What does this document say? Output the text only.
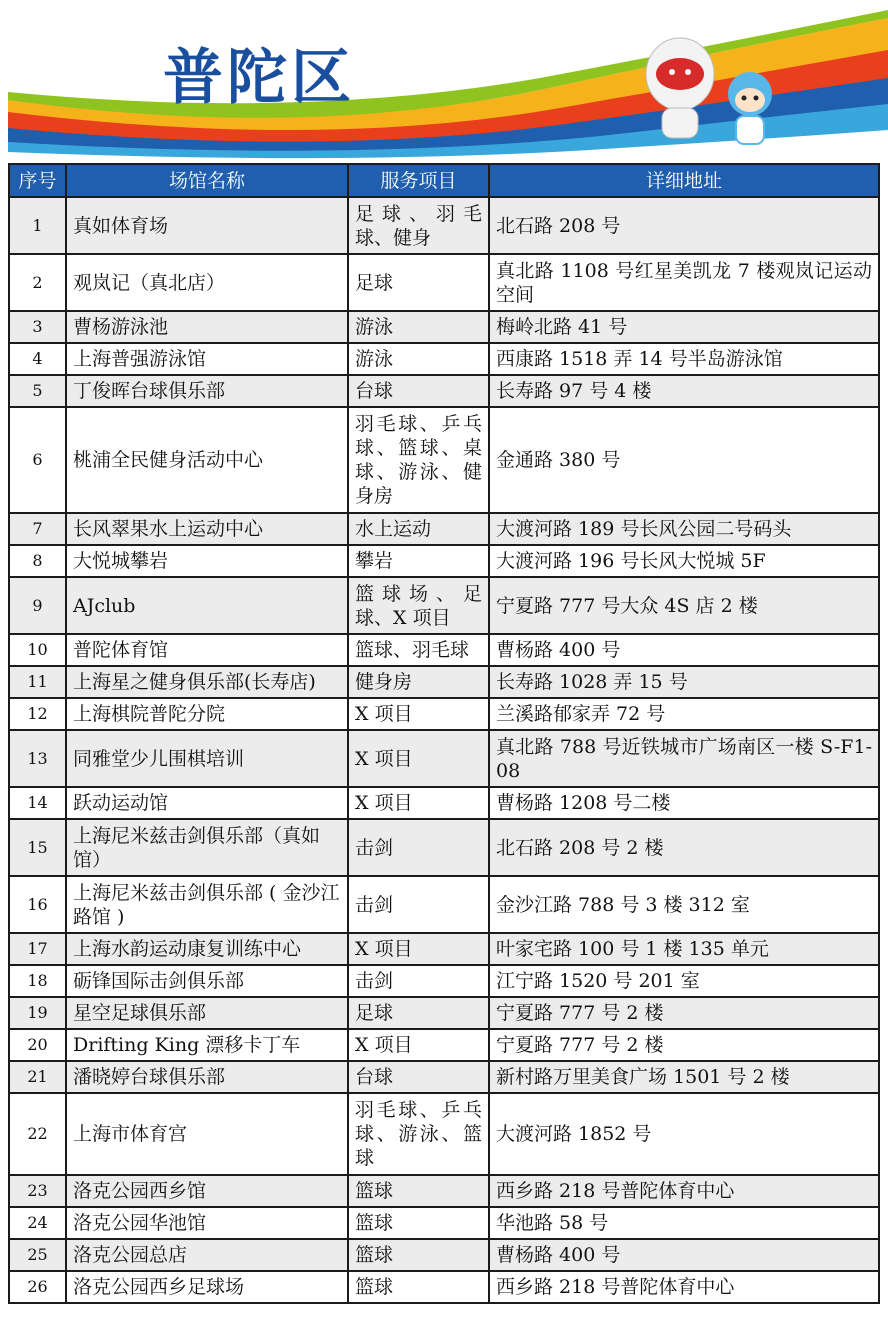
普陀区
序号	场馆名称	服务项目	详细地址
1	真如体育场	足球、羽毛球、健身	北石路 208 号
2	观岚记（真北店）	足球	真北路 1108 号红星美凯龙 7 楼观岚记运动空间
3	曹杨游泳池	游泳	梅岭北路 41 号
4	上海普强游泳馆	游泳	西康路 1518 弄 14 号半岛游泳馆
5	丁俊晖台球俱乐部	台球	长寿路 97 号 4 楼
6	桃浦全民健身活动中心	羽毛球、乒乓球、篮球、桌球、游泳、健身房	金通路 380 号
7	长风翠果水上运动中心	水上运动	大渡河路 189 号长风公园二号码头
8	大悦城攀岩	攀岩	大渡河路 196 号长风大悦城 5F
9	AJclub	篮球场、足球、X 项目	宁夏路 777 号大众 4S 店 2 楼
10	普陀体育馆	篮球、羽毛球	曹杨路 400 号
11	上海星之健身俱乐部(长寿店)	健身房	长寿路 1028 弄 15 号
12	上海棋院普陀分院	X 项目	兰溪路郁家弄 72 号
13	同雅堂少儿围棋培训	X 项目	真北路 788 号近铁城市广场南区一楼 S-F1-08
14	跃动运动馆	X 项目	曹杨路 1208 号二楼
15	上海尼米兹击剑俱乐部（真如馆）	击剑	北石路 208 号 2 楼
16	上海尼米兹击剑俱乐部 ( 金沙江路馆 )	击剑	金沙江路 788 号 3 楼 312 室
17	上海水韵运动康复训练中心	X 项目	叶家宅路 100 号 1 楼 135 单元
18	砺锋国际击剑俱乐部	击剑	江宁路 1520 号 201 室
19	星空足球俱乐部	足球	宁夏路 777 号 2 楼
20	Drifting King 漂移卡丁车	X 项目	宁夏路 777 号 2 楼
21	潘晓婷台球俱乐部	台球	新村路万里美食广场 1501 号 2 楼
22	上海市体育宫	羽毛球、乒乓球、游泳、篮球	大渡河路 1852 号
23	洛克公园西乡馆	篮球	西乡路 218 号普陀体育中心
24	洛克公园华池馆	篮球	华池路 58 号
25	洛克公园总店	篮球	曹杨路 400 号
26	洛克公园西乡足球场	篮球	西乡路 218 号普陀体育中心
